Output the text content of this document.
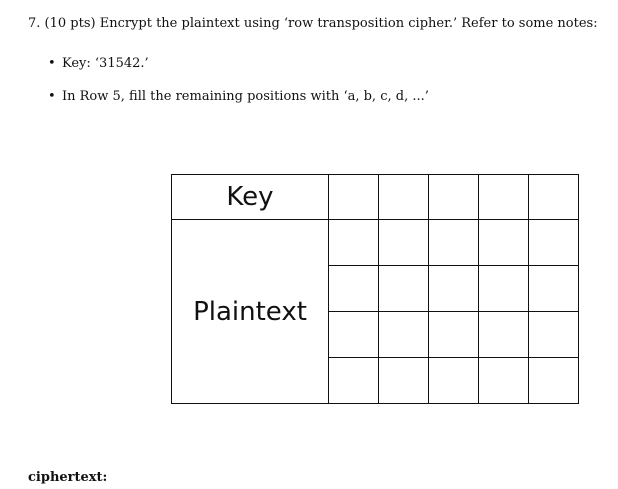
7. (10 pts) Encrypt the plaintext using ‘row transposition cipher.’ Refer to some notes:
• Key: ‘31542.’
• In Row 5, fill the remaining positions with ‘a, b, c, d, ...’
Key					
Plaintext					

ciphertext:
